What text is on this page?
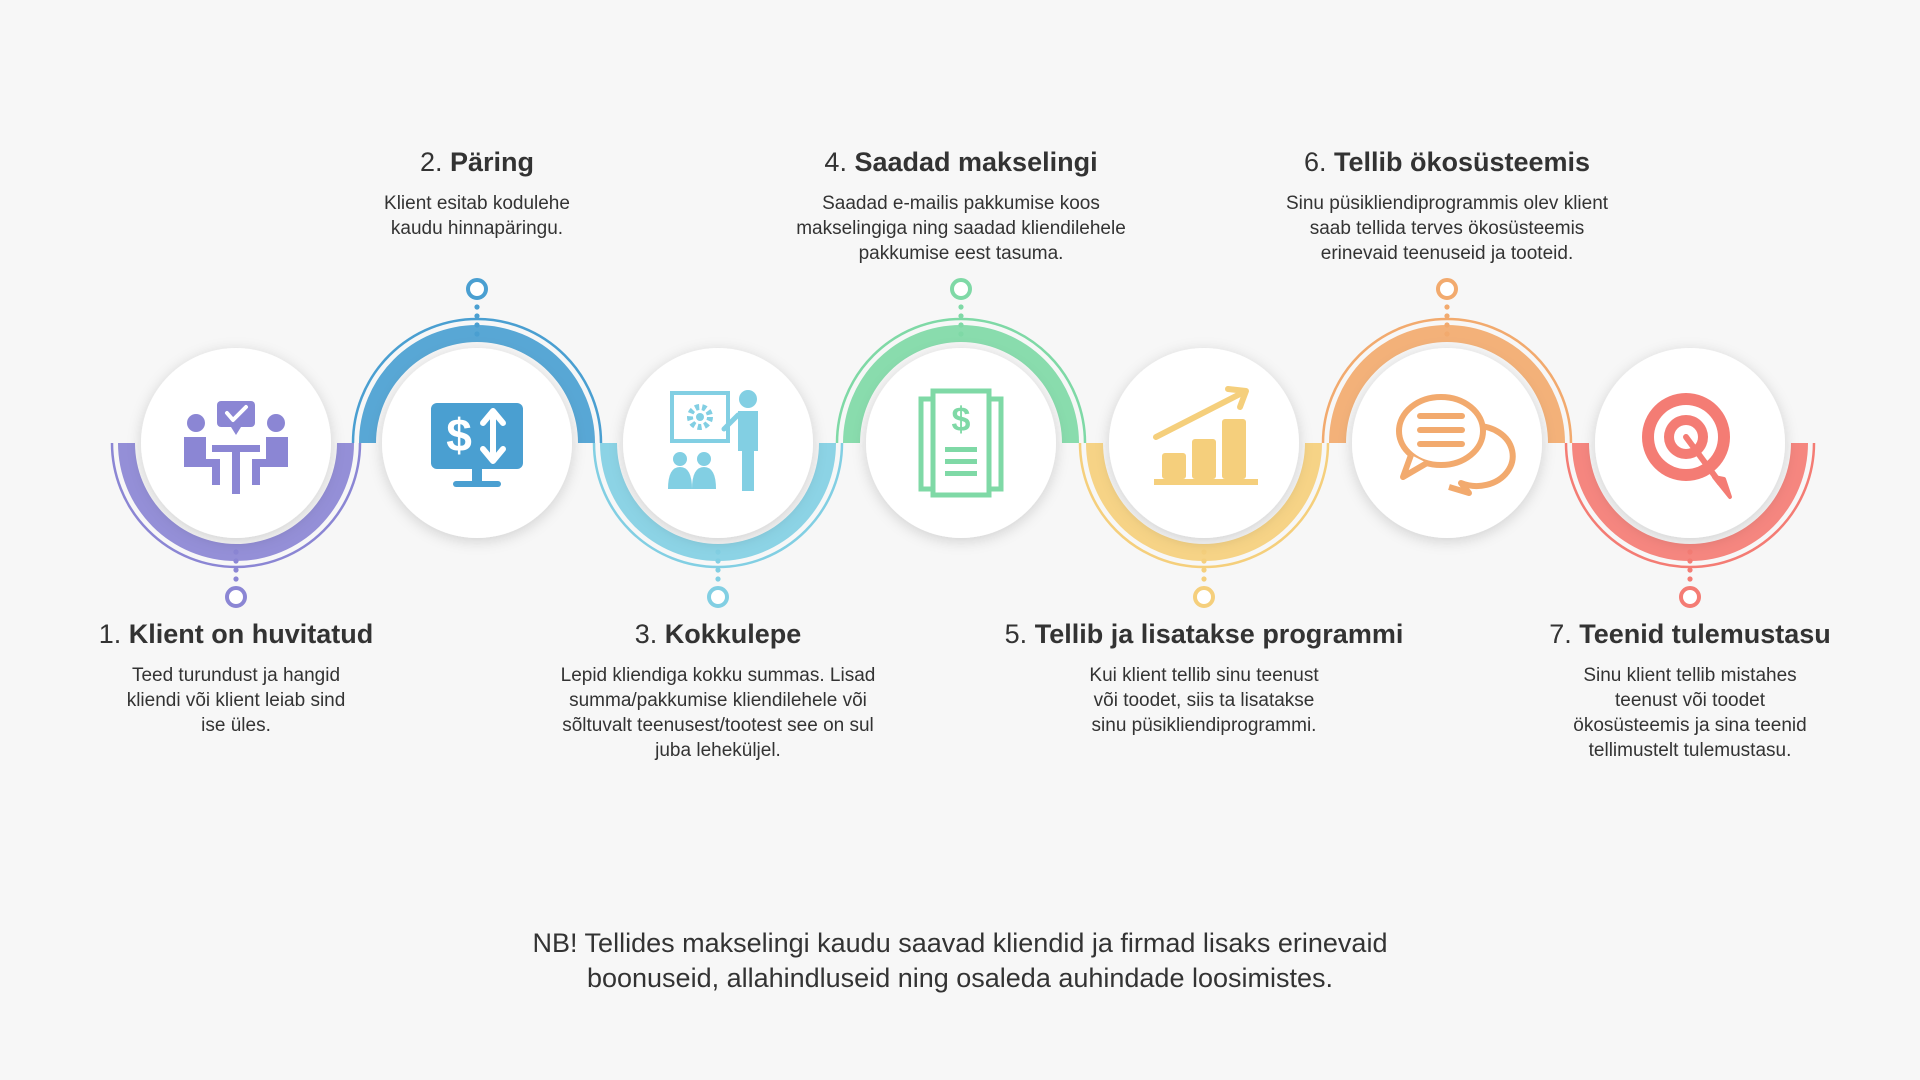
$	$
1. Klient on huvitatud
Teed turundust ja hangid
kliendi või klient leiab sind
ise üles.
2. Päring
Klient esitab kodulehe
kaudu hinnapäringu.
3. Kokkulepe
Lepid kliendiga kokku summas. Lisad
summa/pakkumise kliendilehele või
sõltuvalt teenusest/tootest see on sul
juba leheküljel.
4. Saadad makselingi
Saadad e-mailis pakkumise koos
makselingiga ning saadad kliendilehele
pakkumise eest tasuma.
5. Tellib ja lisatakse programmi
Kui klient tellib sinu teenust
või toodet, siis ta lisatakse
sinu püsikliendiprogrammi.
6. Tellib ökosüsteemis
Sinu püsikliendiprogrammis olev klient
saab tellida terves ökosüsteemis
erinevaid teenuseid ja tooteid.
7. Teenid tulemustasu
Sinu klient tellib mistahes
teenust või toodet
ökosüsteemis ja sina teenid
tellimustelt tulemustasu.
NB! Tellides makselingi kaudu saavad kliendid ja firmad lisaks erinevaid
boonuseid, allahindluseid ning osaleda auhindade loosimistes.
